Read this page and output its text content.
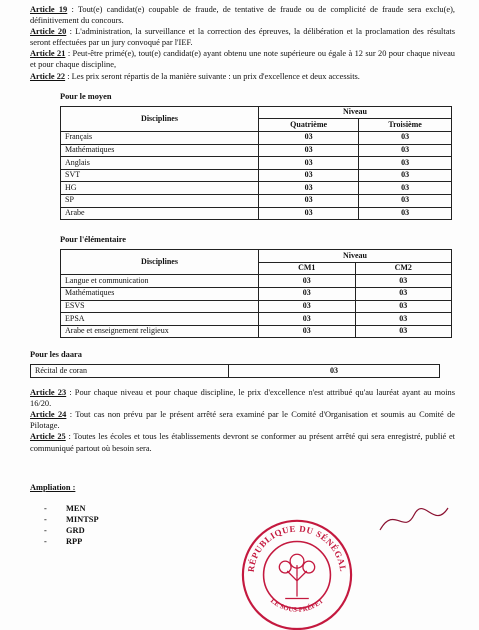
Article 19 : Tout(e) candidat(e) coupable de fraude, de tentative de fraude ou de complicité de fraude sera exclu(e), définitivement du concours.
Article 20 : L'administration, la surveillance et la correction des épreuves, la délibération et la proclamation des résultats seront effectuées par un jury convoqué par l'IEF.
Article 21 : Peut-être primé(e), tout(e) candidat(e) ayant obtenu une note supérieure ou égale à 12 sur 20 pour chaque niveau et pour chaque discipline,
Article 22 : Les prix seront répartis de la manière suivante : un prix d'excellence et deux accessits.
Pour le moyen
Disciplines	Niveau	
	Quatrième	Troisième
Français	03	03
Mathématiques	03	03
Anglais	03	03
SVT	03	03
HG	03	03
SP	03	03
Arabe	03	03
Pour l'élémentaire
Disciplines	Niveau	
	CM1	CM2
Langue et communication	03	03
Mathématiques	03	03
ESVS	03	03
EPSA	03	03
Arabe et enseignement religieux	03	03
Pour les daara
Récital de coran	03
Article 23 : Pour chaque niveau et pour chaque discipline, le prix d'excellence n'est attribué qu'au lauréat ayant au moins 16/20.
Article 24 : Tout cas non prévu par le présent arrêté sera examiné par le Comité d'Organisation et soumis au Comité de Pilotage.
Article 25 : Toutes les écoles et tous les établissements devront se conformer au présent arrêté qui sera enregistré, publié et communiqué partout où besoin sera.
Ampliation :
- MEN
- MINTSP
- GRD
- RPP
RÉPUBLIQUE DU SÉNÉGAL
LE SOUS-PRÉFET
